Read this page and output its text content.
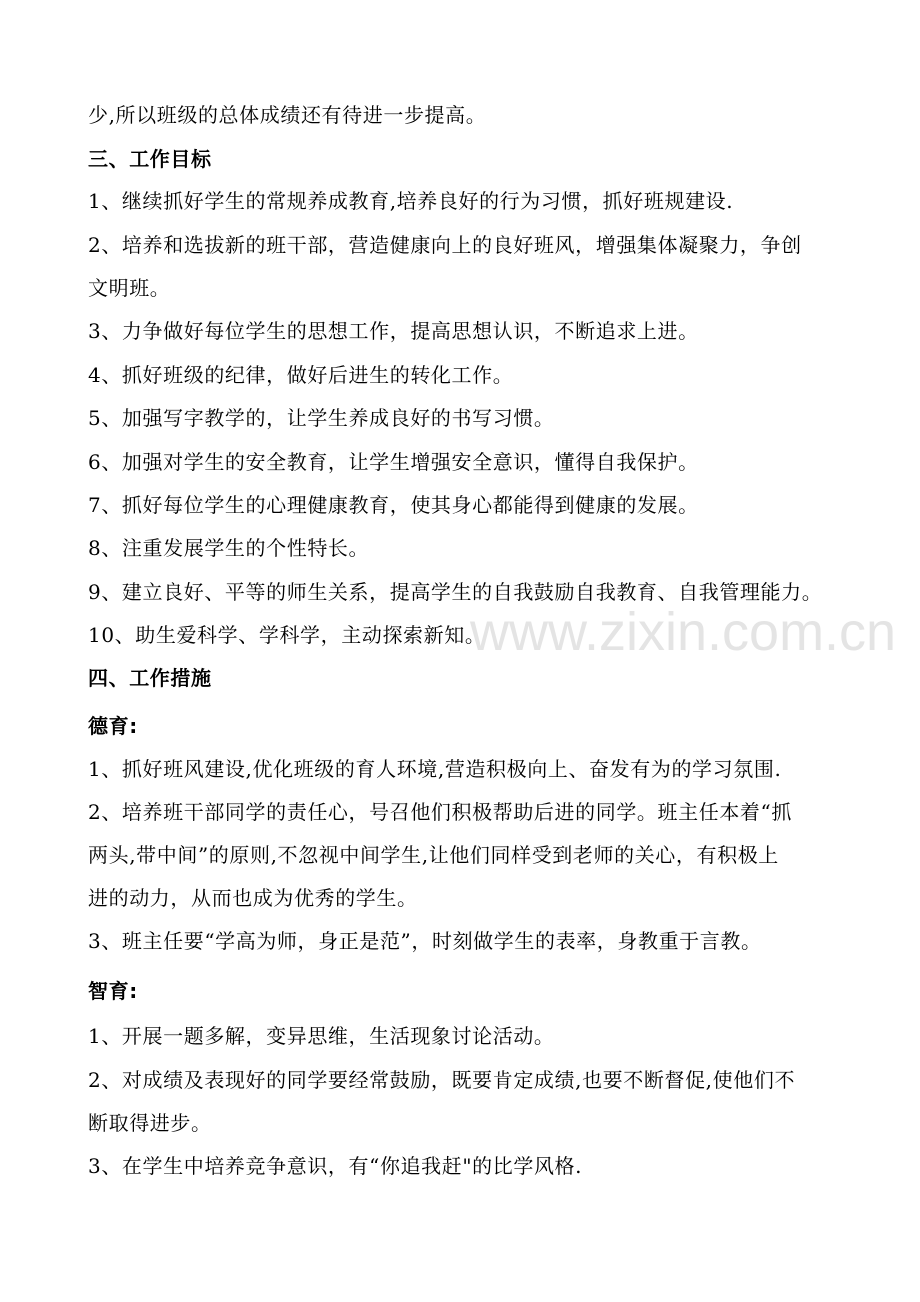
www.zixin.com.cn

少,所以班级的总体成绩还有待进一步提高。

三、工作目标

1、继续抓好学生的常规养成教育,培养良好的行为习惯，抓好班规建设.

2、培养和选拔新的班干部，营造健康向上的良好班风，增强集体凝聚力，争创

文明班。

3、力争做好每位学生的思想工作，提高思想认识，不断追求上进。

4、抓好班级的纪律，做好后进生的转化工作。

5、加强写字教学的，让学生养成良好的书写习惯。

6、加强对学生的安全教育，让学生增强安全意识，懂得自我保护。

7、抓好每位学生的心理健康教育，使其身心都能得到健康的发展。

8、注重发展学生的个性特长。

9、建立良好、平等的师生关系，提高学生的自我鼓励自我教育、自我管理能力。

10、助生爱科学、学科学，主动探索新知。

四、工作措施

德育:

1、抓好班风建设,优化班级的育人环境,营造积极向上、奋发有为的学习氛围.

2、培养班干部同学的责任心，号召他们积极帮助后进的同学。班主任本着“抓

两头,带中间”的原则,不忽视中间学生,让他们同样受到老师的关心，有积极上

进的动力，从而也成为优秀的学生。

3、班主任要“学高为师，身正是范”，时刻做学生的表率，身教重于言教。

智育:

1、开展一题多解，变异思维，生活现象讨论活动。

2、对成绩及表现好的同学要经常鼓励，既要肯定成绩,也要不断督促,使他们不

断取得进步。

3、在学生中培养竞争意识，有“你追我赶"的比学风格.
